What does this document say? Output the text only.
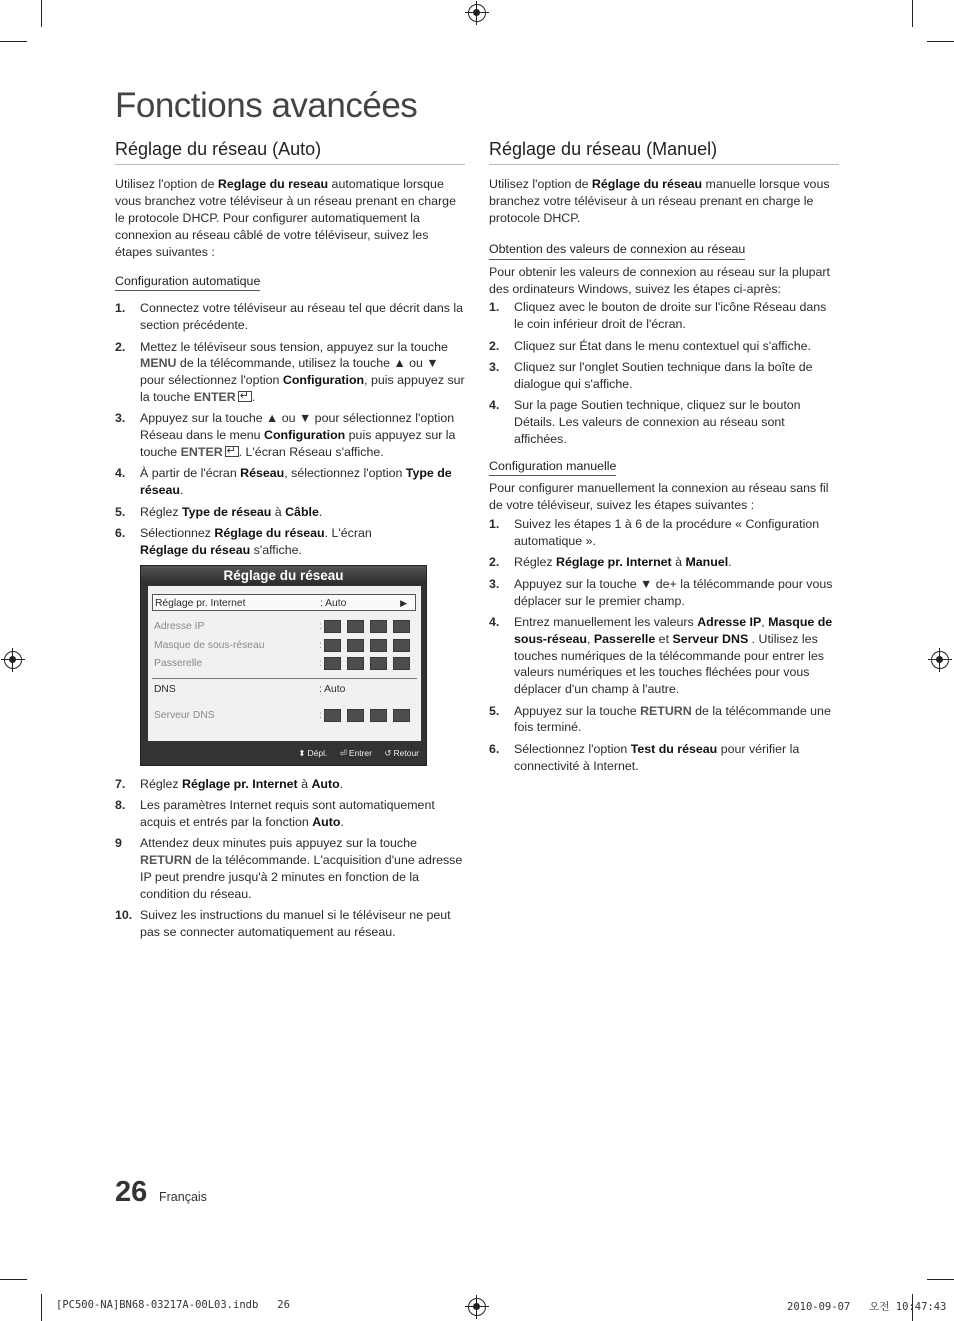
Fonctions avancées
Réglage du réseau (Auto)

Utilisez l'option de Reglage du reseau automatique lorsque vous branchez votre téléviseur à un réseau prenant en charge le protocole DHCP. Pour configurer automatiquement la connexion au réseau câblé de votre téléviseur, suivez les étapes suivantes :

Configuration automatique
1. Connectez votre téléviseur au réseau tel que décrit dans la section précédente.
2. Mettez le téléviseur sous tension, appuyez sur la touche MENU de la télécommande, utilisez la touche ▲ ou ▼ pour sélectionnez l'option Configuration, puis appuyez sur la touche ENTER ↵ .
3. Appuyez sur la touche ▲ ou ▼ pour sélectionnez l'option Réseau dans le menu Configuration puis appuyez sur la touche ENTER ↵ . L'écran Réseau s'affiche.
4. À partir de l'écran Réseau, sélectionnez l'option Type de réseau.
5. Réglez Type de réseau à Câble.
6. Sélectionnez Réglage du réseau. L'écran
Réglage du réseau s'affiche.
Réglage du réseau
Réglage pr. Internet	: Auto	▶
Adresse IP	:
Masque de sous-réseau	:
Passerelle	:
DNS	: Auto
Serveur DNS	:
⬍ Dépl. ⏎ Entrer ↺ Retour
7. Réglez Réglage pr. Internet à Auto.
8. Les paramètres Internet requis sont automatiquement acquis et entrés par la fonction Auto.
9 Attendez deux minutes puis appuyez sur la touche RETURN de la télécommande. L'acquisition d'une adresse IP peut prendre jusqu'à 2 minutes en fonction de la condition du réseau.
10. Suivez les instructions du manuel si le téléviseur ne peut pas se connecter automatiquement au réseau.
Réglage du réseau (Manuel)

Utilisez l'option de Réglage du réseau manuelle lorsque vous branchez votre téléviseur à un réseau prenant en charge le protocole DHCP.

Obtention des valeurs de connexion au réseau

Pour obtenir les valeurs de connexion au réseau sur la plupart des ordinateurs Windows, suivez les étapes ci-après:

1. Cliquez avec le bouton de droite sur l'icône Réseau dans le coin inférieur droit de l'écran.
2. Cliquez sur État dans le menu contextuel qui s'affiche.
3. Cliquez sur l'onglet Soutien technique dans la boîte de dialogue qui s'affiche.
4. Sur la page Soutien technique, cliquez sur le bouton Détails. Les valeurs de connexion au réseau sont affichées.
Configuration manuelle

Pour configurer manuellement la connexion au réseau sans fil de votre téléviseur, suivez les étapes suivantes :

1. Suivez les étapes 1 à 6 de la procédure « Configuration automatique ».
2. Réglez Réglage pr. Internet à Manuel.
3. Appuyez sur la touche ▼ de+ la télécommande pour vous déplacer sur le premier champ.
4. Entrez manuellement les valeurs Adresse IP, Masque de sous-réseau, Passerelle et Serveur DNS . Utilisez les touches numériques de la télécommande pour entrer les valeurs numériques et les touches fléchées pour vous déplacer d'un champ à l'autre.
5. Appuyez sur la touche RETURN de la télécommande une fois terminé.
6. Sélectionnez l'option Test du réseau pour vérifier la connectivité à Internet.
26 Français
[PC500-NA]BN68-03217A-00L03.indb   26	2010-09-07   오전 10:47:43
